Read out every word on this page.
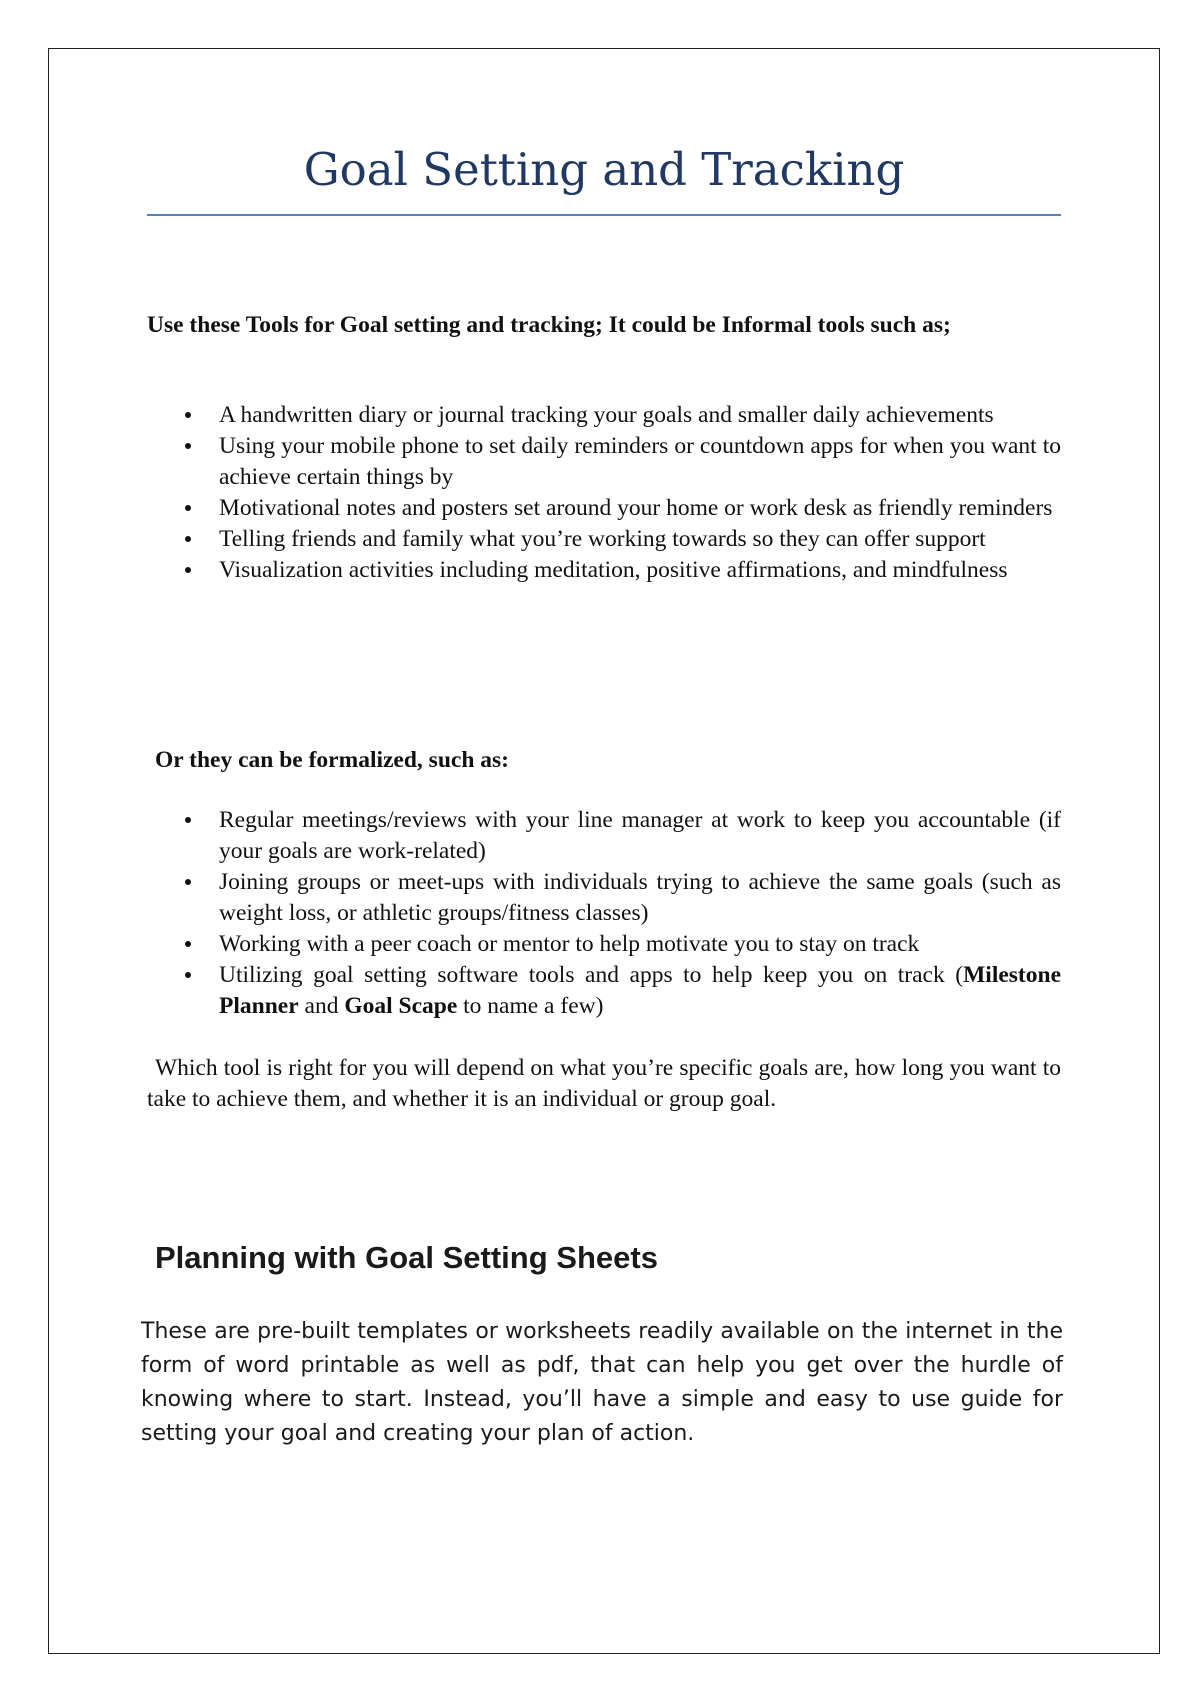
Goal Setting and Tracking
Use these Tools for Goal setting and tracking; It could be Informal tools such as;
A handwritten diary or journal tracking your goals and smaller daily achievements
Using your mobile phone to set daily reminders or countdown apps for when you want to achieve certain things by
Motivational notes and posters set around your home or work desk as friendly reminders
Telling friends and family what you’re working towards so they can offer support
Visualization activities including meditation, positive affirmations, and mindfulness
Or they can be formalized, such as:
Regular meetings/reviews with your line manager at work to keep you accountable (if your goals are work-related)
Joining groups or meet-ups with individuals trying to achieve the same goals (such as weight loss, or athletic groups/fitness classes)
Working with a peer coach or mentor to help motivate you to stay on track
Utilizing goal setting software tools and apps to help keep you on track (Milestone Planner and Goal Scape to name a few)
Which tool is right for you will depend on what you’re specific goals are, how long you want to take to achieve them, and whether it is an individual or group goal.
Planning with Goal Setting Sheets
These are pre-built templates or worksheets readily available on the internet in the form of word printable as well as pdf, that can help you get over the hurdle of knowing where to start. Instead, you’ll have a simple and easy to use guide for setting your goal and creating your plan of action.
